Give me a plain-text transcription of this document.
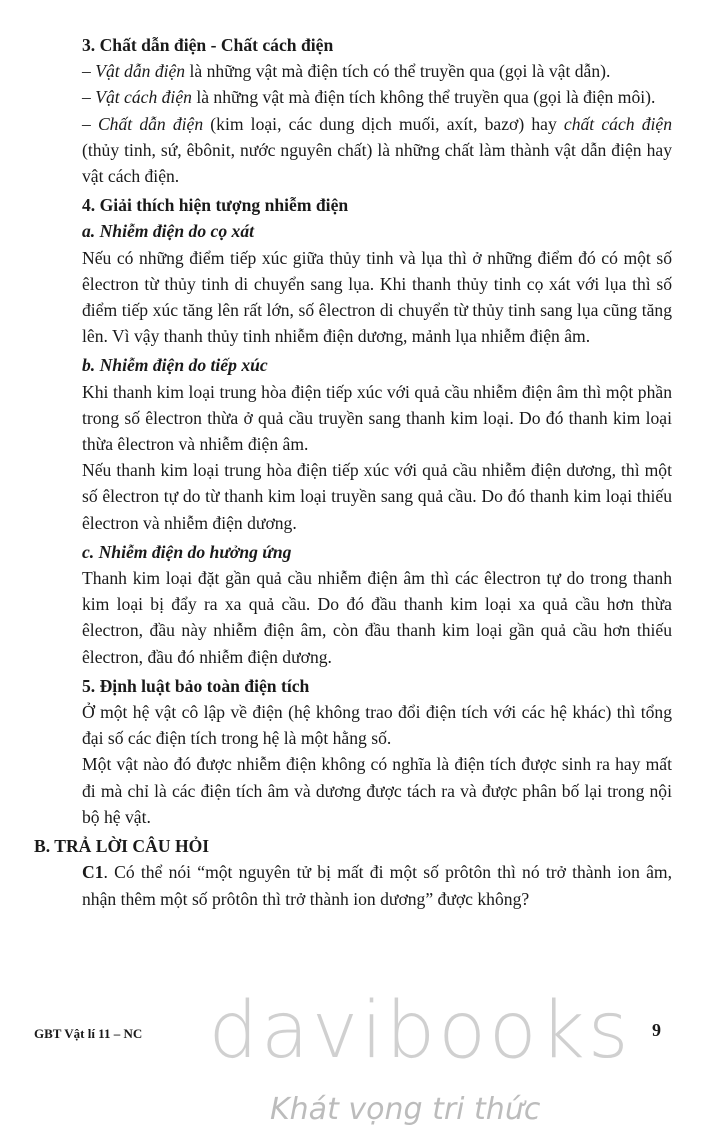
3. Chất dẫn điện - Chất cách điện

– Vật dẫn điện là những vật mà điện tích có thể truyền qua (gọi là vật dẫn).

– Vật cách điện là những vật mà điện tích không thể truyền qua (gọi là điện môi).

– Chất dẫn điện (kim loại, các dung dịch muối, axít, bazơ) hay chất cách điện (thủy tinh, sứ, êbônit, nước nguyên chất) là những chất làm thành vật dẫn điện hay vật cách điện.

4. Giải thích hiện tượng nhiễm điện

a. Nhiễm điện do cọ xát

Nếu có những điểm tiếp xúc giữa thủy tinh và lụa thì ở những điểm đó có một số êlectron từ thủy tinh di chuyển sang lụa. Khi thanh thủy tinh cọ xát với lụa thì số điểm tiếp xúc tăng lên rất lớn, số êlectron di chuyển từ thủy tinh sang lụa cũng tăng lên. Vì vậy thanh thủy tinh nhiễm điện dương, mảnh lụa nhiễm điện âm.

b. Nhiễm điện do tiếp xúc

Khi thanh kim loại trung hòa điện tiếp xúc với quả cầu nhiễm điện âm thì một phần trong số êlectron thừa ở quả cầu truyền sang thanh kim loại. Do đó thanh kim loại thừa êlectron và nhiễm điện âm.

Nếu thanh kim loại trung hòa điện tiếp xúc với quả cầu nhiễm điện dương, thì một số êlectron tự do từ thanh kim loại truyền sang quả cầu. Do đó thanh kim loại thiếu êlectron và nhiễm điện dương.

c. Nhiễm điện do hưởng ứng

Thanh kim loại đặt gần quả cầu nhiễm điện âm thì các êlectron tự do trong thanh kim loại bị đẩy ra xa quả cầu. Do đó đầu thanh kim loại xa quả cầu hơn thừa êlectron, đầu này nhiễm điện âm, còn đầu thanh kim loại gần quả cầu hơn thiếu êlectron, đầu đó nhiễm điện dương.

5. Định luật bảo toàn điện tích

Ở một hệ vật cô lập về điện (hệ không trao đổi điện tích với các hệ khác) thì tổng đại số các điện tích trong hệ là một hằng số.

Một vật nào đó được nhiễm điện không có nghĩa là điện tích được sinh ra hay mất đi mà chỉ là các điện tích âm và dương được tách ra và được phân bố lại trong nội bộ hệ vật.

B. TRẢ LỜI CÂU HỎI

C1. Có thể nói “một nguyên tử bị mất đi một số prôtôn thì nó trở thành ion âm, nhận thêm một số prôtôn thì trở thành ion dương” được không?

davibooks
Khát vọng tri thức
GBT Vật lí 11 – NC	9
